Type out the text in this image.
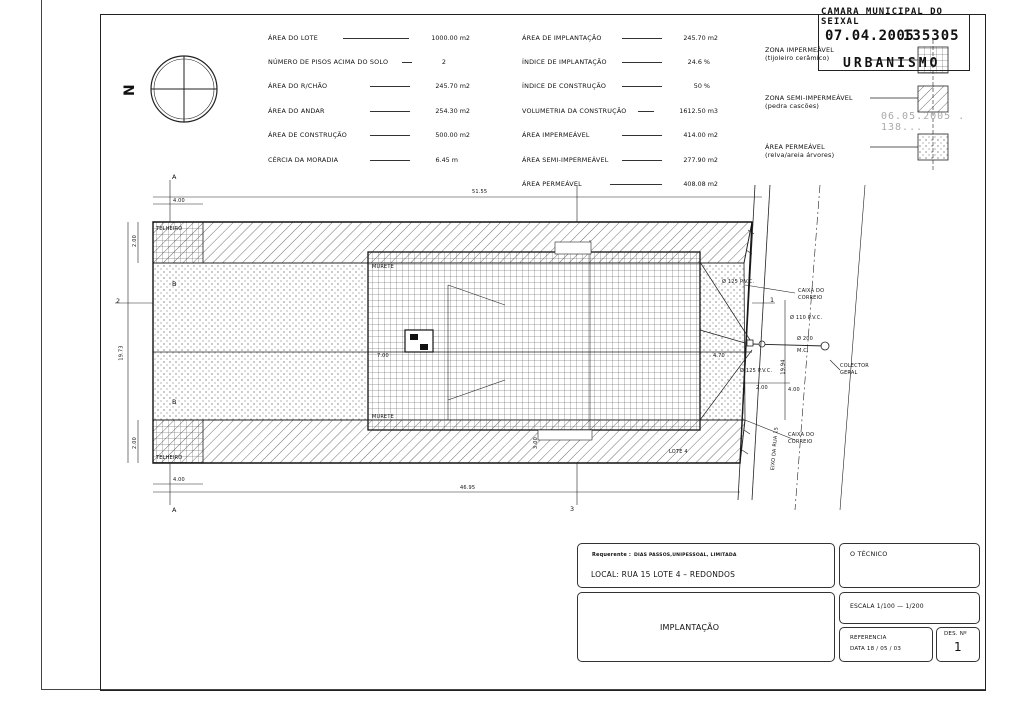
CAMARA MUNICIPAL DO SEIXAL
07.04.2005
135305
URBANISMO
06.05.2005 . 138...
N
ÁREA DO LOTE	1000.00 m2
NÚMERO DE PISOS ACIMA DO SOLO	2
ÁREA DO R/CHÃO	245.70 m2
ÁREA DO ANDAR	254.30 m2
ÁREA DE CONSTRUÇÃO	500.00 m2
CÉRCIA DA MORADIA	6.45 m
ÁREA DE IMPLANTAÇÃO	245.70 m2
ÍNDICE DE IMPLANTAÇÃO	24.6 %
ÍNDICE DE CONSTRUÇÃO	50 %
VOLUMETRIA DA CONSTRUÇÃO	1612.50 m3
ÁREA IMPERMEÁVEL	414.00 m2
ÁREA SEMI-IMPERMEÁVEL	277.90 m2
ÁREA PERMEÁVEL	408.08 m2
ZONA IMPERMEÁVEL
(tijoleiro cerâmico)
ZONA SEMI-IMPERMEÁVEL
(pedra cascões)
ÁREA PERMEÁVEL
(relva/areia árvores)
51.55
4.00
46.95
4.00
19.73
2.00
2.00
19.94
4.00
2.00
3.00
7.00	4.70
A
A
2
3
1
B
B
LOTE 4
TELHEIRO
TELHEIRO
MURETE
MURETE
Ø 125 P.V.C.
Ø 110 P.V.C.
Ø 200
M.C.
Ø 125 P.V.C.
CAIXA DO
CORREIO
CAIXA DO
CORREIO
COLECTOR
GERAL
EIXO DA RUA 15
Requerente : DIAS PASSOS,UNIPESSOAL, LIMITADA
LOCAL: RUA 15 LOTE 4 – REDONDOS
O TÉCNICO
IMPLANTAÇÃO
ESCALA 1/100 — 1/200
REFERENCIA
DATA 18 / 05 / 03
DES. Nº
1
